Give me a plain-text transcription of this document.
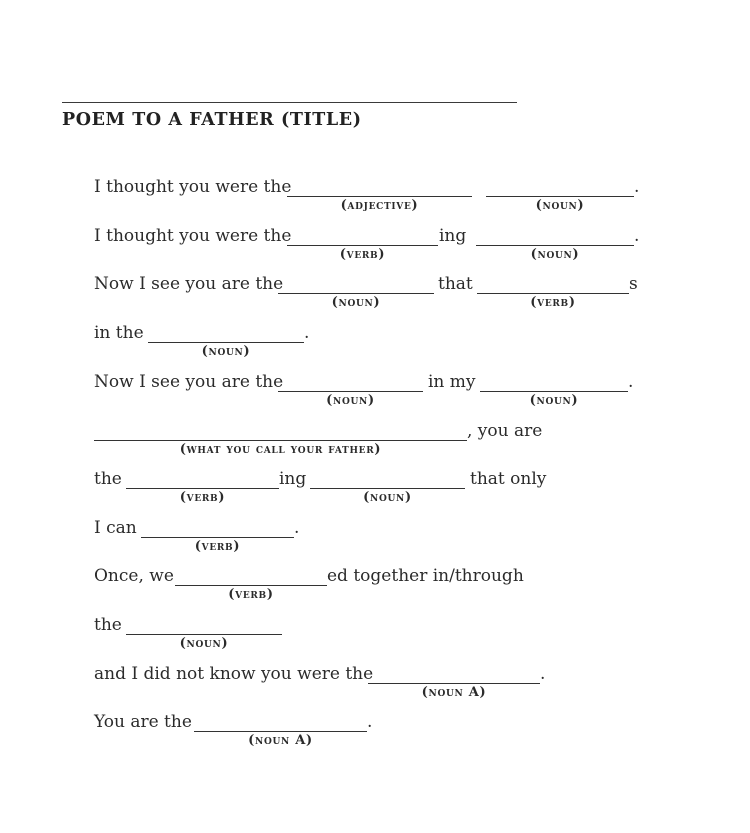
POEM TO A FATHER (TITLE)
I thought you were the
(adjective)	(noun)
.
I thought you were the
(verb)
ing
(noun)
.
Now I see you are the
(noun)
that
(verb)
s
in the
(noun)
.
Now I see you are the
(noun)
in my
(noun)
.
(what you call your father)
, you are
the
(verb)
ing
(noun)
that only
I can
(verb)
.
Once, we
(verb)
ed together in/through
the
(noun)
and I did not know you were the
(noun A)
.
You are the
(noun A)
.
